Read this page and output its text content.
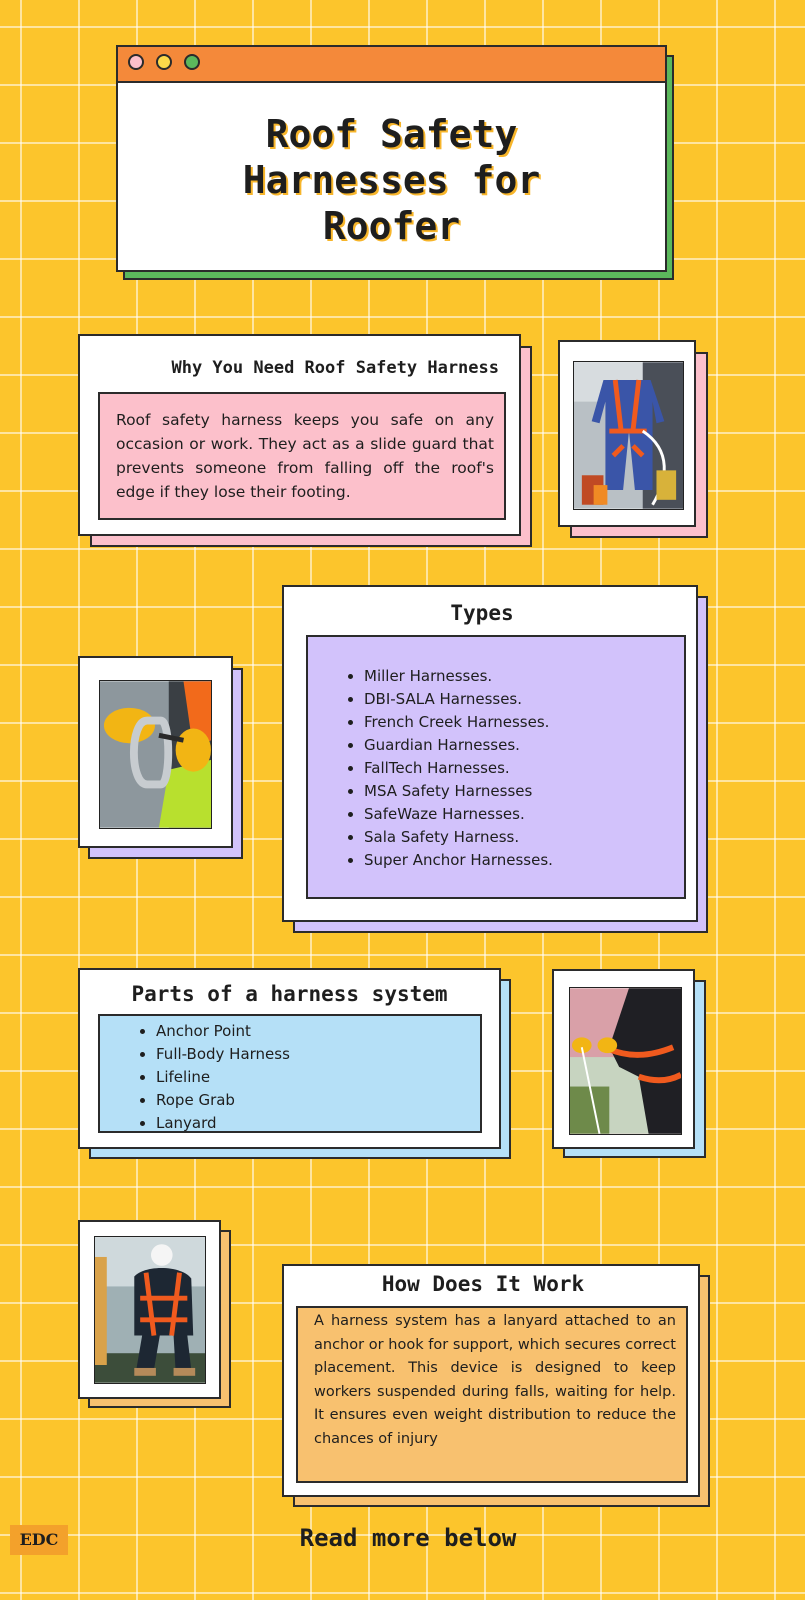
Roof Safety Harnesses for Roofer
Why You Need Roof Safety Harness
Roof safety harness keeps you safe on any occasion or work. They act as a slide guard that prevents someone from falling off the roof's edge if they lose their footing.
Types
• Miller Harnesses.
• DBI-SALA Harnesses.
• French Creek Harnesses.
• Guardian Harnesses.
• FallTech Harnesses.
• MSA Safety Harnesses
• SafeWaze Harnesses.
• Sala Safety Harness.
• Super Anchor Harnesses.
Parts of a harness system
• Anchor Point
• Full-Body Harness
• Lifeline
• Rope Grab
• Lanyard
How Does It Work
A harness system has a lanyard attached to an anchor or hook for support, which secures correct placement. This device is designed to keep workers suspended during falls, waiting for help. It ensures even weight distribution to reduce the chances of injury
EDC	Read more below
